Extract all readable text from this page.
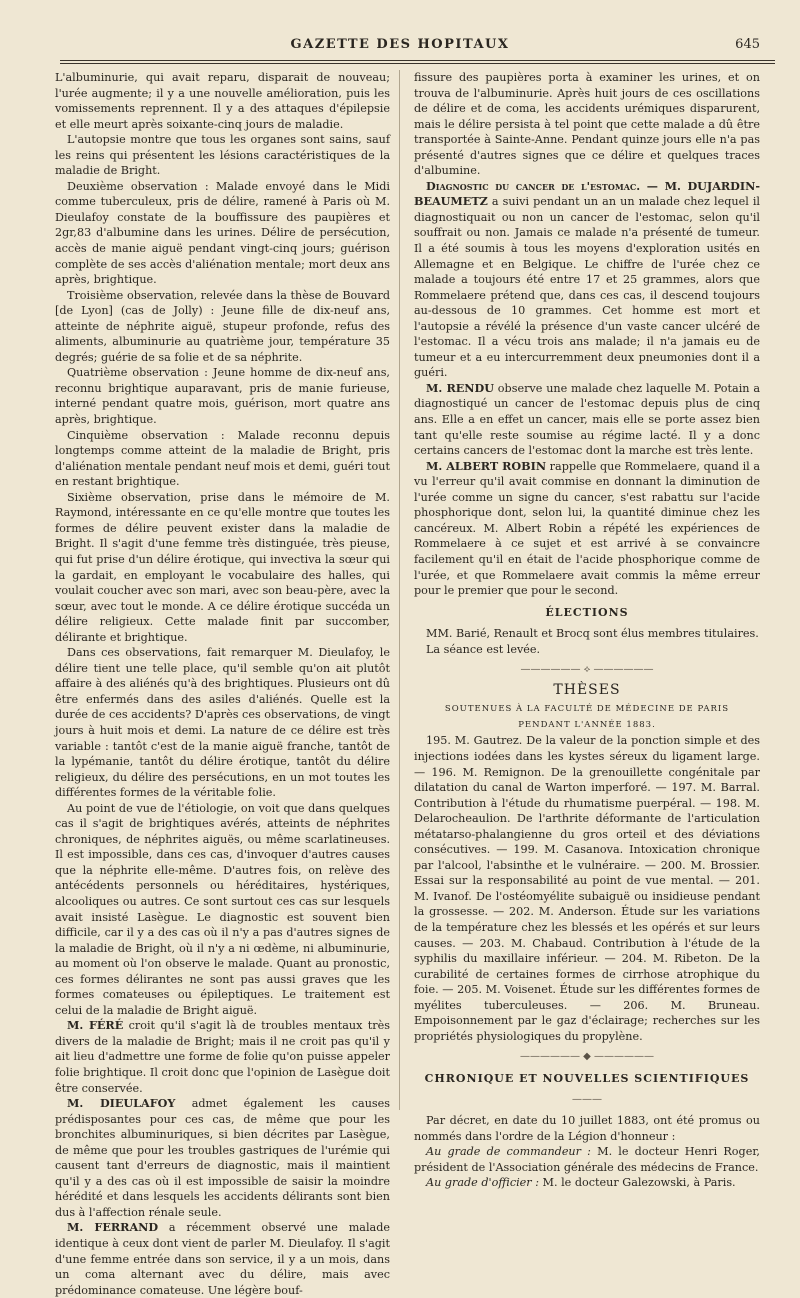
GAZETTE DES HOPITAUX	645

L'albuminurie, qui avait reparu, disparait de nouveau; l'urée augmente; il y a une nouvelle amélioration, puis les vomissements reprennent. Il y a des attaques d'épilepsie et elle meurt après soixante-cinq jours de maladie.

L'autopsie montre que tous les organes sont sains, sauf les reins qui présentent les lésions caractéristiques de la maladie de Bright.

Deuxième observation : Malade envoyé dans le Midi comme tuberculeux, pris de délire, ramené à Paris où M. Dieulafoy constate de la bouffissure des paupières et 2gr,83 d'albumine dans les urines. Délire de persécution, accès de manie aiguë pendant vingt-cinq jours; guérison complète de ses accès d'aliénation mentale; mort deux ans après, brightique.

Troisième observation, relevée dans la thèse de Bouvard [de Lyon] (cas de Jolly) : Jeune fille de dix-neuf ans, atteinte de néphrite aiguë, stupeur profonde, refus des aliments, albuminurie au quatrième jour, température 35 degrés; guérie de sa folie et de sa néphrite.

Quatrième observation : Jeune homme de dix-neuf ans, reconnu brightique auparavant, pris de manie furieuse, interné pendant quatre mois, guérison, mort quatre ans après, brightique.

Cinquième observation : Malade reconnu depuis longtemps comme atteint de la maladie de Bright, pris d'aliénation mentale pendant neuf mois et demi, guéri tout en restant brightique.

Sixième observation, prise dans le mémoire de M. Raymond, intéressante en ce qu'elle montre que toutes les formes de délire peuvent exister dans la maladie de Bright. Il s'agit d'une femme très distinguée, très pieuse, qui fut prise d'un délire érotique, qui invectiva la sœur qui la gardait, en employant le vocabulaire des halles, qui voulait coucher avec son mari, avec son beau-père, avec la sœur, avec tout le monde. A ce délire érotique succéda un délire religieux. Cette malade finit par succomber, délirante et brightique.

Dans ces observations, fait remarquer M. Dieulafoy, le délire tient une telle place, qu'il semble qu'on ait plutôt affaire à des aliénés qu'à des brightiques. Plusieurs ont dû être enfermés dans des asiles d'aliénés. Quelle est la durée de ces accidents? D'après ces observations, de vingt jours à huit mois et demi. La nature de ce délire est très variable : tantôt c'est de la manie aiguë franche, tantôt de la lypémanie, tantôt du délire érotique, tantôt du délire religieux, du délire des persécutions, en un mot toutes les différentes formes de la véritable folie.

Au point de vue de l'étiologie, on voit que dans quelques cas il s'agit de brightiques avérés, atteints de néphrites chroniques, de néphrites aiguës, ou même scarlatineuses. Il est impossible, dans ces cas, d'invoquer d'autres causes que la néphrite elle-même. D'autres fois, on relève des antécédents personnels ou héréditaires, hystériques, alcooliques ou autres. Ce sont surtout ces cas sur lesquels avait insisté Lasègue. Le diagnostic est souvent bien difficile, car il y a des cas où il n'y a pas d'autres signes de la maladie de Bright, où il n'y a ni œdème, ni albuminurie, au moment où l'on observe le malade. Quant au pronostic, ces formes délirantes ne sont pas aussi graves que les formes comateuses ou épileptiques. Le traitement est celui de la maladie de Bright aiguë.

M. FÉRÉ croit qu'il s'agit là de troubles mentaux très divers de la maladie de Bright; mais il ne croit pas qu'il y ait lieu d'admettre une forme de folie qu'on puisse appeler folie brightique. Il croit donc que l'opinion de Lasègue doit être conservée.

M. DIEULAFOY admet également les causes prédisposantes pour ces cas, de même que pour les bronchites albuminuriques, si bien décrites par Lasègue, de même que pour les troubles gastriques de l'urémie qui causent tant d'erreurs de diagnostic, mais il maintient qu'il y a des cas où il est impossible de saisir la moindre hérédité et dans lesquels les accidents délirants sont bien dus à l'affection rénale seule.

M. FERRAND a récemment observé une malade identique à ceux dont vient de parler M. Dieulafoy. Il s'agit d'une femme entrée dans son service, il y a un mois, dans un coma alternant avec du délire, mais avec prédominance comateuse. Une légère bouf-

fissure des paupières porta à examiner les urines, et on trouva de l'albuminurie. Après huit jours de ces oscillations de délire et de coma, les accidents urémiques disparurent, mais le délire persista à tel point que cette malade a dû être transportée à Sainte-Anne. Pendant quinze jours elle n'a pas présenté d'autres signes que ce délire et quelques traces d'albumine.

Diagnostic du cancer de l'estomac. — M. DUJARDIN-BEAUMETZ a suivi pendant un an un malade chez lequel il diagnostiquait ou non un cancer de l'estomac, selon qu'il souffrait ou non. Jamais ce malade n'a présenté de tumeur. Il a été soumis à tous les moyens d'exploration usités en Allemagne et en Belgique. Le chiffre de l'urée chez ce malade a toujours été entre 17 et 25 grammes, alors que Rommelaere prétend que, dans ces cas, il descend toujours au-dessous de 10 grammes. Cet homme est mort et l'autopsie a révélé la présence d'un vaste cancer ulcéré de l'estomac. Il a vécu trois ans malade; il n'a jamais eu de tumeur et a eu intercurremment deux pneumonies dont il a guéri.

M. RENDU observe une malade chez laquelle M. Potain a diagnostiqué un cancer de l'estomac depuis plus de cinq ans. Elle a en effet un cancer, mais elle se porte assez bien tant qu'elle reste soumise au régime lacté. Il y a donc certains cancers de l'estomac dont la marche est très lente.

M. ALBERT ROBIN rappelle que Rommelaere, quand il a vu l'erreur qu'il avait commise en donnant la diminution de l'urée comme un signe du cancer, s'est rabattu sur l'acide phosphorique dont, selon lui, la quantité diminue chez les cancéreux. M. Albert Robin a répété les expériences de Rommelaere à ce sujet et est arrivé à se convaincre facilement qu'il en était de l'acide phosphorique comme de l'urée, et que Rommelaere avait commis la même erreur pour le premier que pour le second.

ÉLECTIONS

MM. Barié, Renault et Brocq sont élus membres titulaires.

La séance est levée.

—————— ⟡ ——————

THÈSES

SOUTENUES À LA FACULTÉ DE MÉDECINE DE PARIS

PENDANT L'ANNÉE 1883.

195. M. Gautrez. De la valeur de la ponction simple et des injections iodées dans les kystes séreux du ligament large. — 196. M. Remignon. De la grenouillette congénitale par dilatation du canal de Warton imperforé. — 197. M. Barral. Contribution à l'étude du rhumatisme puerpéral. — 198. M. Delarocheaulion. De l'arthrite déformante de l'articulation métatarso-phalangienne du gros orteil et des déviations consécutives. — 199. M. Casanova. Intoxication chronique par l'alcool, l'absinthe et le vulnéraire. — 200. M. Brossier. Essai sur la responsabilité au point de vue mental. — 201. M. Ivanof. De l'ostéomyélite subaiguë ou insidieuse pendant la grossesse. — 202. M. Anderson. Étude sur les variations de la température chez les blessés et les opérés et sur leurs causes. — 203. M. Chabaud. Contribution à l'étude de la syphilis du maxillaire inférieur. — 204. M. Ribeton. De la curabilité de certaines formes de cirrhose atrophique du foie. — 205. M. Voisenet. Étude sur les différentes formes de myélites tuberculeuses. — 206. M. Bruneau. Empoisonnement par le gaz d'éclairage; recherches sur les propriétés physiologiques du propylène.

—————— ◆ ——————

CHRONIQUE ET NOUVELLES SCIENTIFIQUES

———

Par décret, en date du 10 juillet 1883, ont été promus ou nommés dans l'ordre de la Légion d'honneur :

Au grade de commandeur : M. le docteur Henri Roger, président de l'Association générale des médecins de France.

Au grade d'officier : M. le docteur Galezowski, à Paris.
